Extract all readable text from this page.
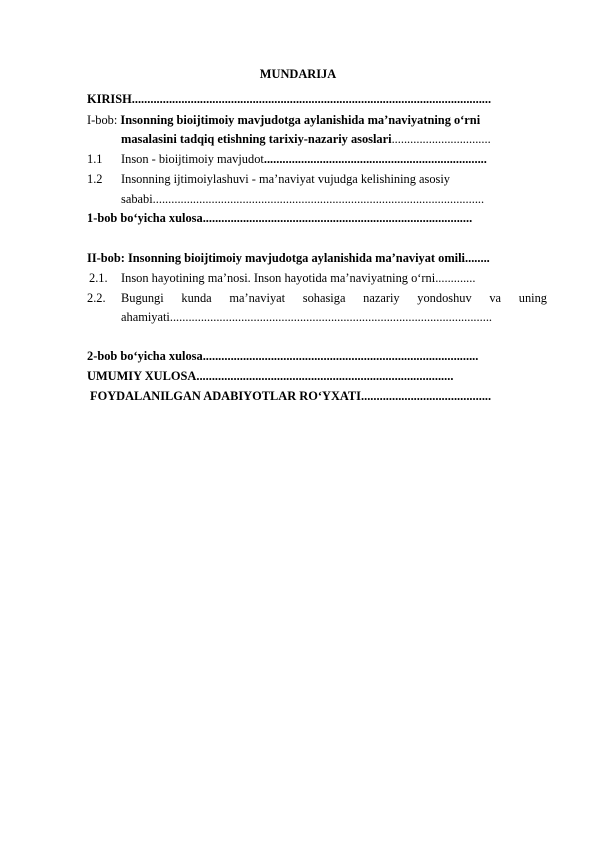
MUNDARIJA
KIRISH....................................................................................................................
I-bob: Insonning bioijtimoiy mavjudotga aylanishida ma’naviyatning o‘rni
masalasini tadqiq etishning tarixiy-nazariy asoslari................................
1.1	Inson - bioijtimoiy mavjudot........................................................................
1.2	Insonning ijtimoiylashuvi - ma’naviyat vujudga kelishining asosiy
sababi...........................................................................................................
1-bob bo‘yicha xulosa.......................................................................................
II-bob: Insonning bioijtimoiy mavjudotga aylanishida ma’naviyat omili........
2.1.	Inson hayotining ma’nosi. Inson hayotida ma’naviyatning o‘rni.............
2.2.	Bugungi kunda ma’naviyat sohasiga nazariy yondoshuv va uning
ahamiyati........................................................................................................
2-bob bo‘yicha xulosa.........................................................................................
UMUMIY XULOSA...................................................................................
FOYDALANILGAN ADABIYOTLAR RO‘YXATI..........................................
